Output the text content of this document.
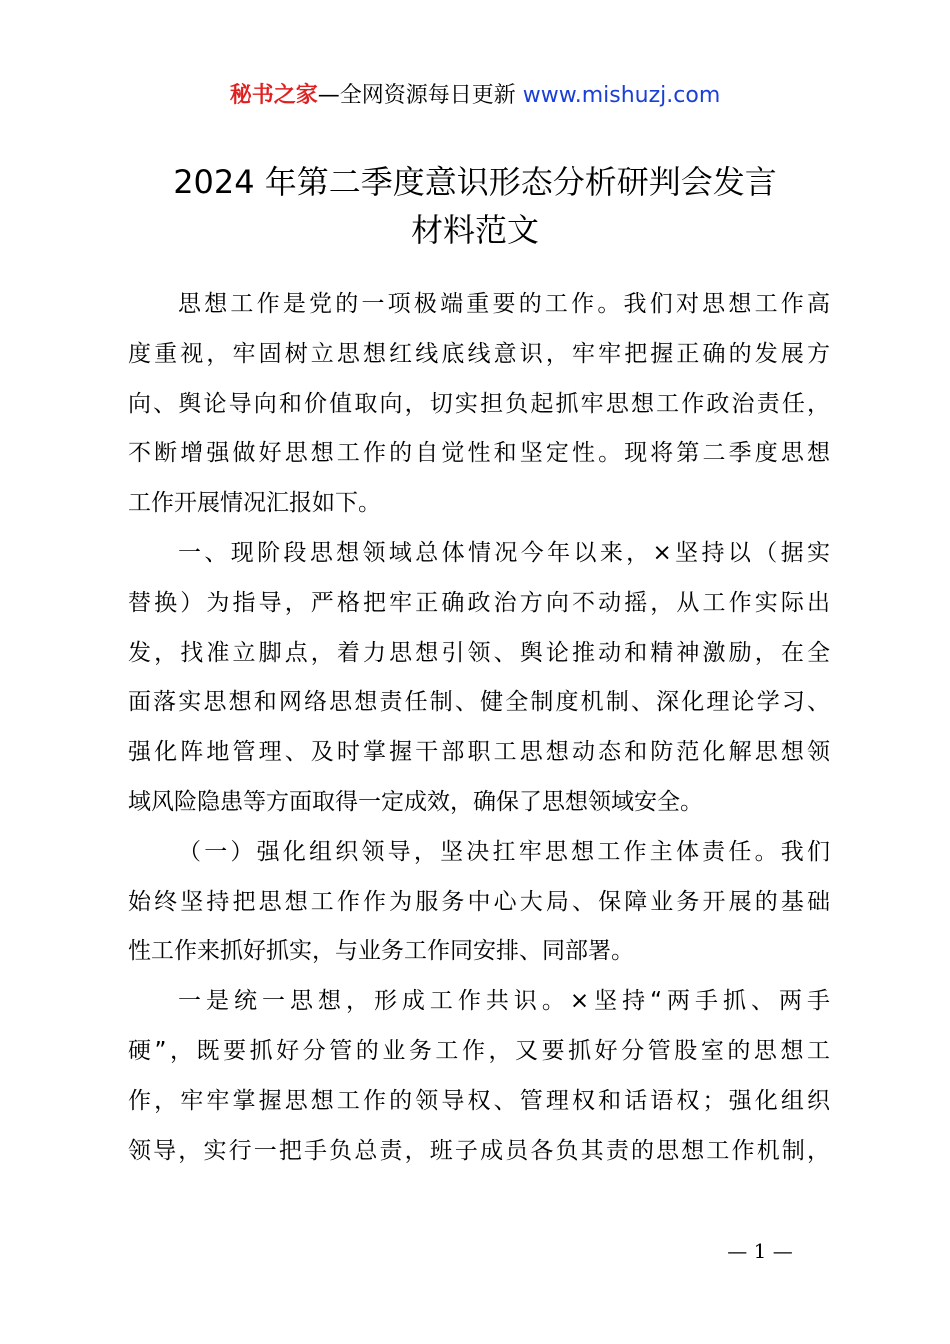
秘书之家—全网资源每日更新 www.mishuzj.com
2024 年第二季度意识形态分析研判会发言
材料范文

思想工作是党的一项极端重要的工作。我们对思想工作高
度重视，牢固树立思想红线底线意识，牢牢把握正确的发展方
向、舆论导向和价值取向，切实担负起抓牢思想工作政治责任，
不断增强做好思想工作的自觉性和坚定性。现将第二季度思想
工作开展情况汇报如下。

一、现阶段思想领域总体情况今年以来，×坚持以（据实
替换）为指导，严格把牢正确政治方向不动摇，从工作实际出
发，找准立脚点，着力思想引领、舆论推动和精神激励，在全
面落实思想和网络思想责任制、健全制度机制、深化理论学习、
强化阵地管理、及时掌握干部职工思想动态和防范化解思想领
域风险隐患等方面取得一定成效，确保了思想领域安全。

（一）强化组织领导，坚决扛牢思想工作主体责任。我们
始终坚持把思想工作作为服务中心大局、保障业务开展的基础
性工作来抓好抓实，与业务工作同安排、同部署。

一是统一思想，形成工作共识。×坚持“两手抓、两手
硬”，既要抓好分管的业务工作，又要抓好分管股室的思想工
作，牢牢掌握思想工作的领导权、管理权和话语权；强化组织
领导，实行一把手负总责，班子成员各负其责的思想工作机制，

— 1 —
